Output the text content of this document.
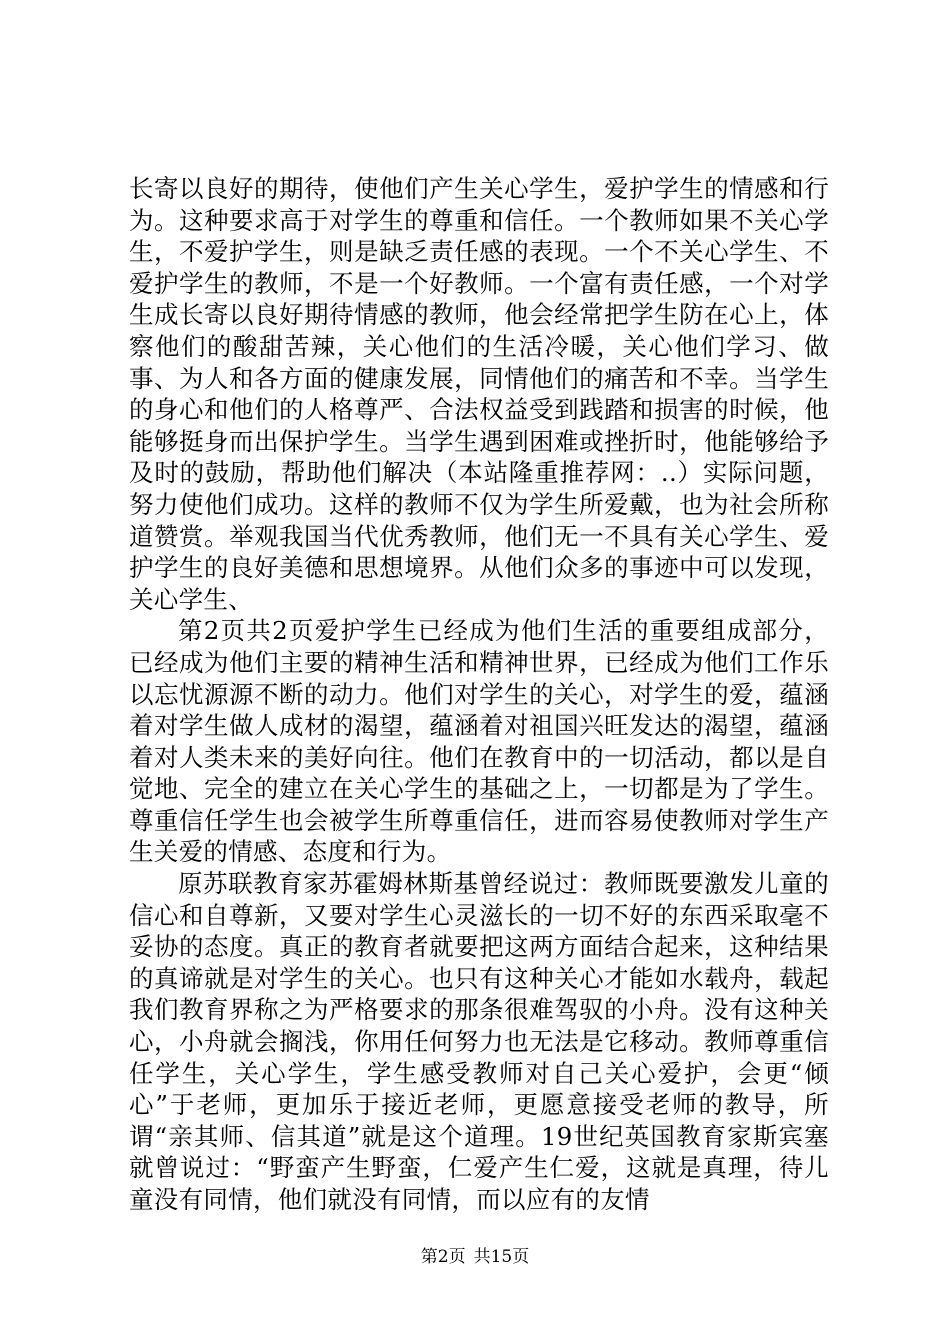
长寄以良好的期待，使他们产生关心学生，爱护学生的情感和行为。这种要求高于对学生的尊重和信任。一个教师如果不关心学生，不爱护学生，则是缺乏责任感的表现。一个不关心学生、不爱护学生的教师，不是一个好教师。一个富有责任感，一个对学生成长寄以良好期待情感的教师，他会经常把学生防在心上，体察他们的酸甜苦辣，关心他们的生活冷暖，关心他们学习、做事、为人和各方面的健康发展，同情他们的痛苦和不幸。当学生的身心和他们的人格尊严、合法权益受到践踏和损害的时候，他能够挺身而出保护学生。当学生遇到困难或挫折时，他能够给予及时的鼓励，帮助他们解决（本站隆重推荐网：..）实际问题，努力使他们成功。这样的教师不仅为学生所爱戴，也为社会所称道赞赏。举观我国当代优秀教师，他们无一不具有关心学生、爱护学生的良好美德和思想境界。从他们众多的事迹中可以发现，关心学生、

第2页共2页爱护学生已经成为他们生活的重要组成部分，已经成为他们主要的精神生活和精神世界，已经成为他们工作乐以忘忧源源不断的动力。他们对学生的关心，对学生的爱，蕴涵着对学生做人成材的渴望，蕴涵着对祖国兴旺发达的渴望，蕴涵着对人类未来的美好向往。他们在教育中的一切活动，都以是自觉地、完全的建立在关心学生的基础之上，一切都是为了学生。尊重信任学生也会被学生所尊重信任，进而容易使教师对学生产生关爱的情感、态度和行为。

原苏联教育家苏霍姆林斯基曾经说过：教师既要激发儿童的信心和自尊新，又要对学生心灵滋长的一切不好的东西采取毫不妥协的态度。真正的教育者就要把这两方面结合起来，这种结果的真谛就是对学生的关心。也只有这种关心才能如水载舟，载起我们教育界称之为严格要求的那条很难驾驭的小舟。没有这种关心，小舟就会搁浅，你用任何努力也无法是它移动。教师尊重信任学生，关心学生，学生感受教师对自己关心爱护，会更“倾心”于老师，更加乐于接近老师，更愿意接受老师的教导，所谓“亲其师、信其道”就是这个道理。19世纪英国教育家斯宾塞就曾说过：“野蛮产生野蛮，仁爱产生仁爱，这就是真理，待儿童没有同情，他们就没有同情，而以应有的友情

第2页 共15页
